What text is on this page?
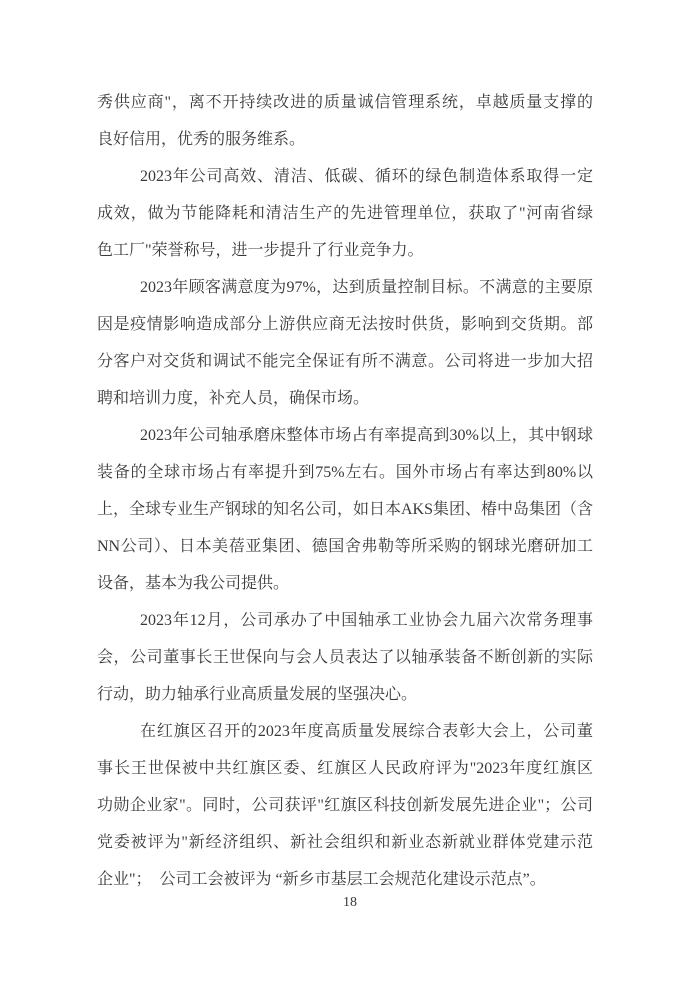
秀供应商"，离不开持续改进的质量诚信管理系统，卓越质量支撑的
良好信用，优秀的服务维系。
2023年公司高效、清洁、低碳、循环的绿色制造体系取得一定
成效，做为节能降耗和清洁生产的先进管理单位，获取了"河南省绿
色工厂"荣誉称号，进一步提升了行业竞争力。
2023年顾客满意度为97%，达到质量控制目标。不满意的主要原
因是疫情影响造成部分上游供应商无法按时供货，影响到交货期。部
分客户对交货和调试不能完全保证有所不满意。公司将进一步加大招
聘和培训力度，补充人员，确保市场。
2023年公司轴承磨床整体市场占有率提高到30%以上，其中钢球
装备的全球市场占有率提升到75%左右。国外市场占有率达到80%以
上，全球专业生产钢球的知名公司，如日本AKS集团、椿中岛集团（含
NN公司）、日本美蓓亚集团、德国舍弗勒等所采购的钢球光磨研加工
设备，基本为我公司提供。
2023年12月，公司承办了中国轴承工业协会九届六次常务理事
会，公司董事长王世保向与会人员表达了以轴承装备不断创新的实际
行动，助力轴承行业高质量发展的坚强决心。
在红旗区召开的2023年度高质量发展综合表彰大会上，公司董
事长王世保被中共红旗区委、红旗区人民政府评为"2023年度红旗区
功勋企业家"。同时，公司获评"红旗区科技创新发展先进企业"；公司
党委被评为"新经济组织、新社会组织和新业态新就业群体党建示范
企业"；　公司工会被评为 “新乡市基层工会规范化建设示范点”。
18
